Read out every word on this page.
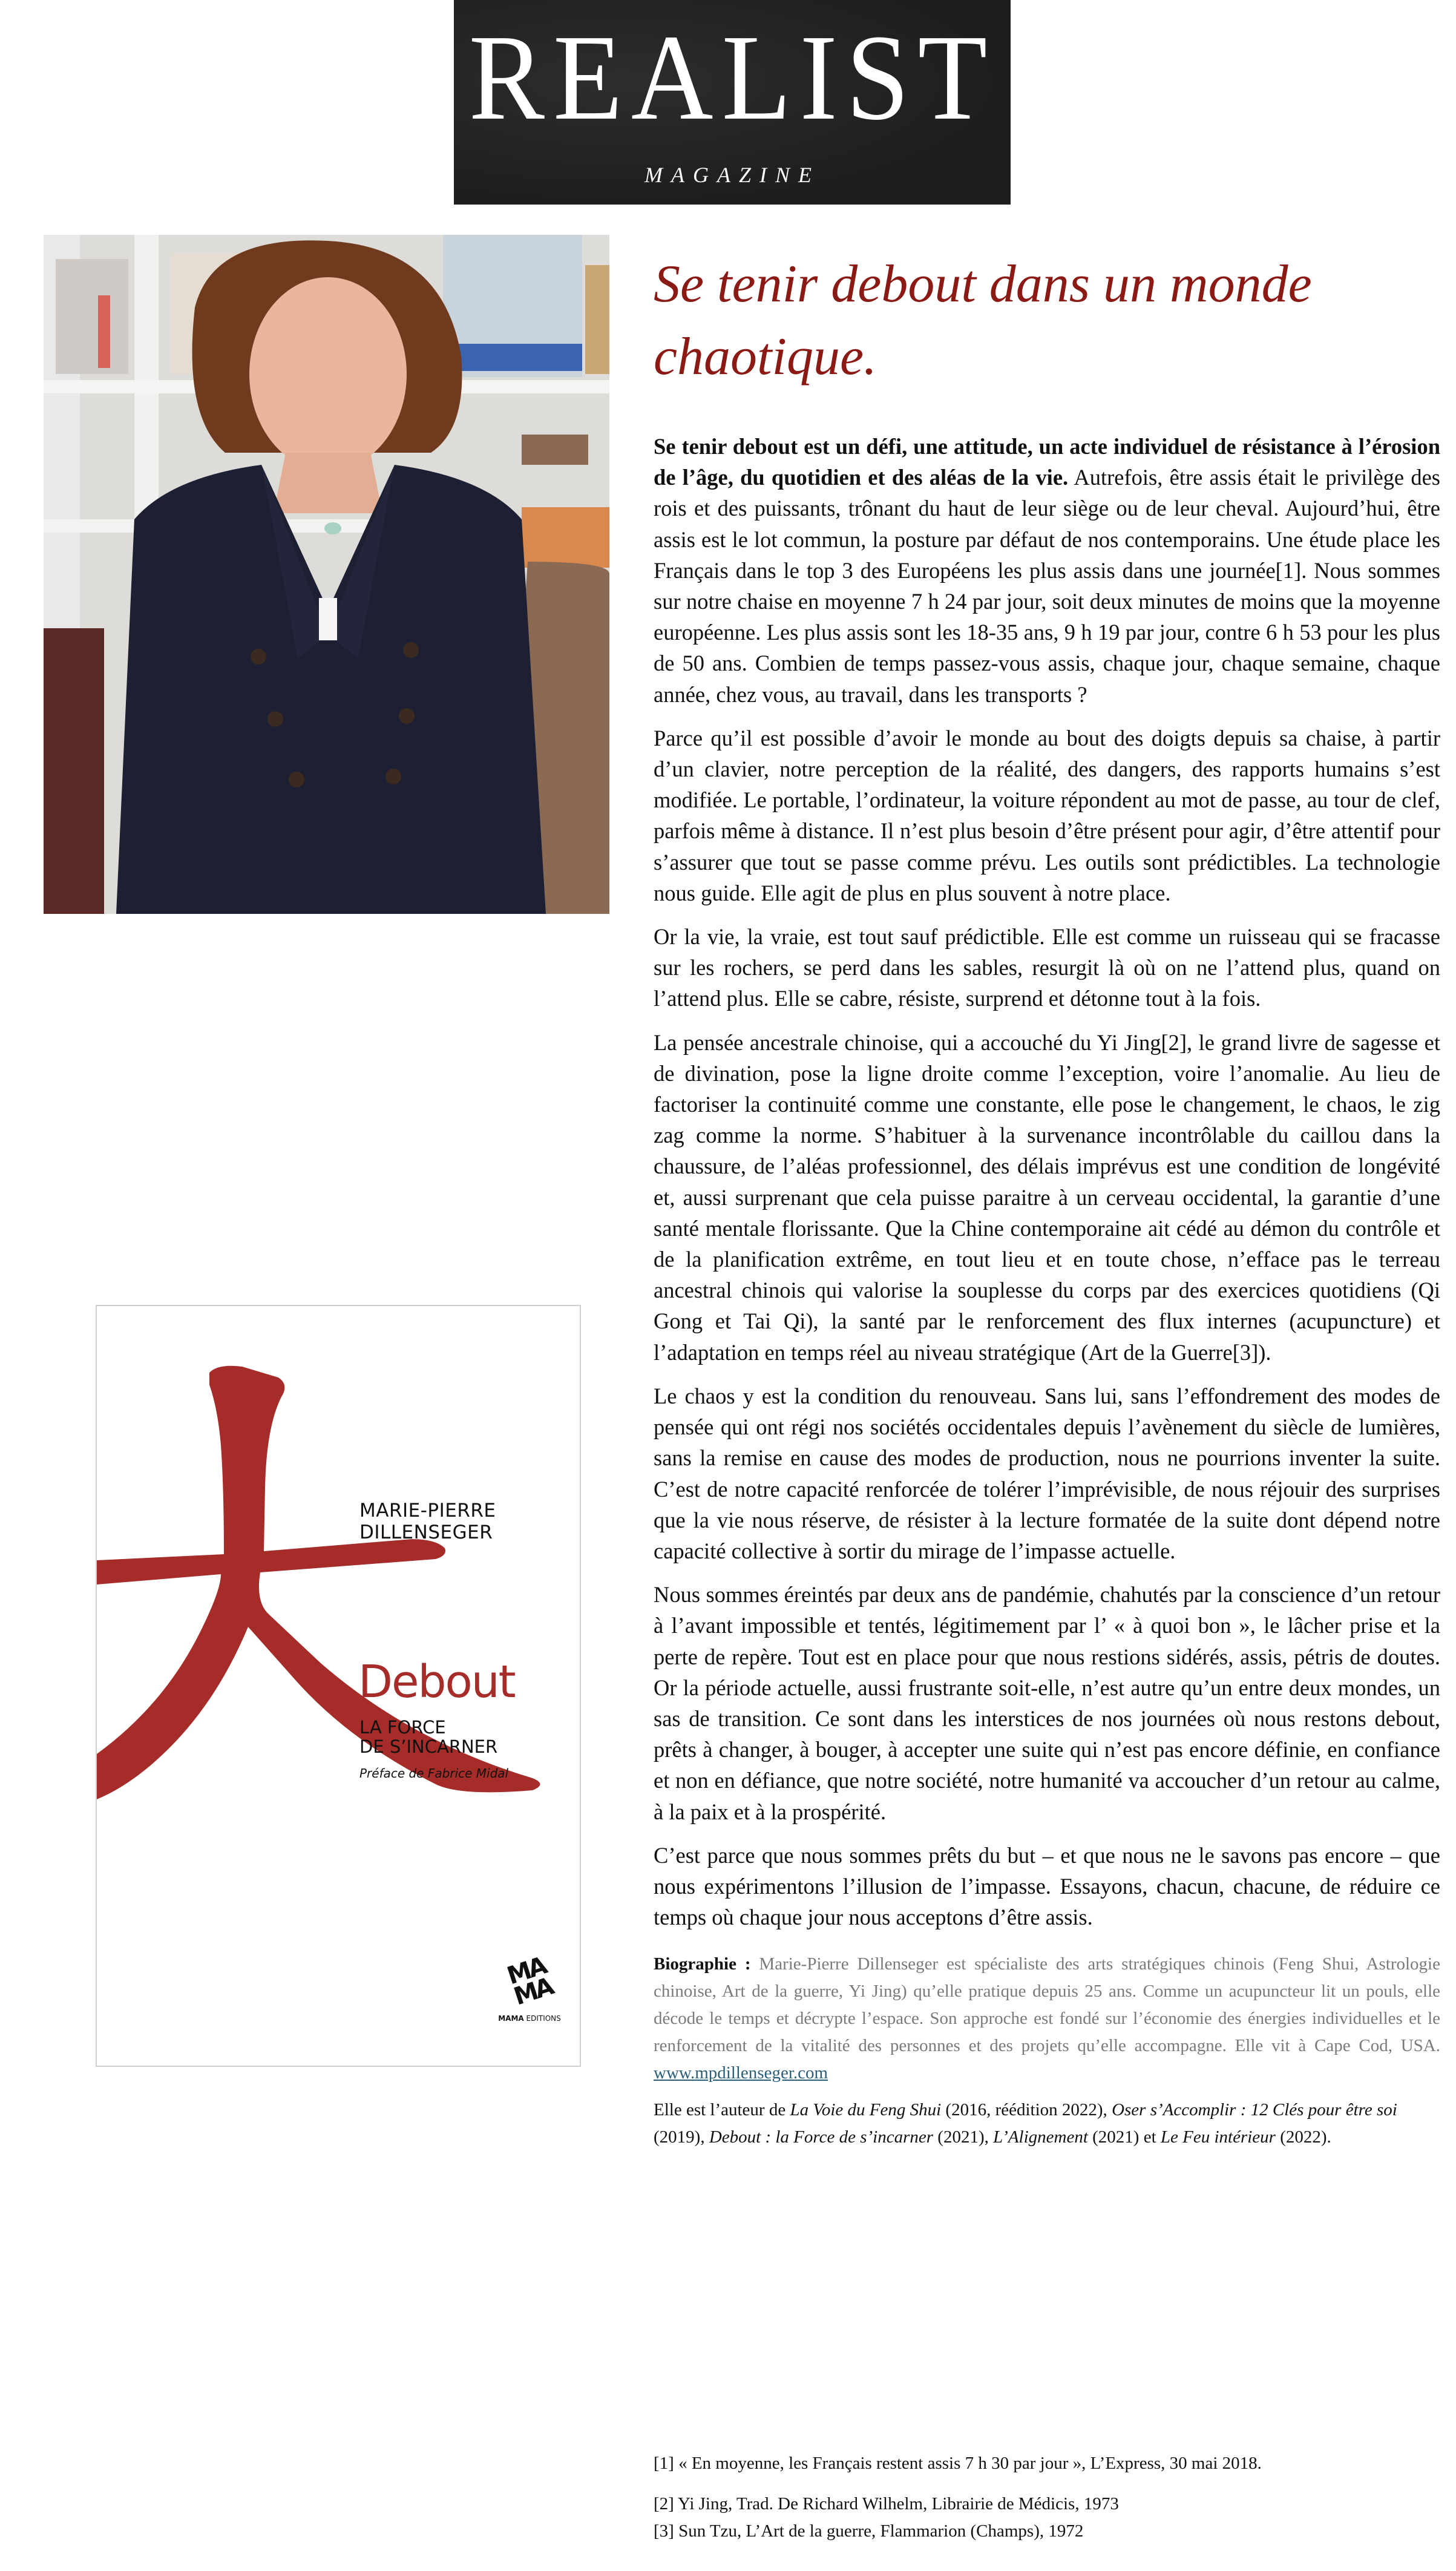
REALIST
MAGAZINE
MARIE-PIERRE
DILLENSEGER
Debout
LA FORCE
DE S’INCARNER
Préface de Fabrice Midal
MA MA
MAMA EDITIONS
Se tenir debout dans un monde chaotique.

Se tenir debout est un défi, une attitude, un acte individuel de résistance à l’érosion de l’âge, du quotidien et des aléas de la vie. Autrefois, être assis était le privilège des rois et des puissants, trônant du haut de leur siège ou de leur cheval. Aujourd’hui, être assis est le lot commun, la posture par défaut de nos contemporains. Une étude place les Français dans le top 3 des Européens les plus assis dans une journée[1]. Nous sommes sur notre chaise en moyenne 7 h 24 par jour, soit deux minutes de moins que la moyenne européenne. Les plus assis sont les 18-35 ans, 9 h 19 par jour, contre 6 h 53 pour les plus de 50 ans. Combien de temps passez-vous assis, chaque jour, chaque semaine, chaque année, chez vous, au travail, dans les transports ?

Parce qu’il est possible d’avoir le monde au bout des doigts depuis sa chaise, à partir d’un clavier, notre perception de la réalité, des dangers, des rapports humains s’est modifiée. Le portable, l’ordinateur, la voiture répondent au mot de passe, au tour de clef, parfois même à distance. Il n’est plus besoin d’être présent pour agir, d’être attentif pour s’assurer que tout se passe comme prévu. Les outils sont prédictibles. La technologie nous guide. Elle agit de plus en plus souvent à notre place.

Or la vie, la vraie, est tout sauf prédictible. Elle est comme un ruisseau qui se fracasse sur les rochers, se perd dans les sables, resurgit là où on ne l’attend plus, quand on l’attend plus. Elle se cabre, résiste, surprend et détonne tout à la fois.

La pensée ancestrale chinoise, qui a accouché du Yi Jing[2], le grand livre de sagesse et de divination, pose la ligne droite comme l’exception, voire l’anomalie. Au lieu de factoriser la continuité comme une constante, elle pose le changement, le chaos, le zig zag comme la norme. S’habituer à la survenance incontrôlable du caillou dans la chaussure, de l’aléas professionnel, des délais imprévus est une condition de longévité et, aussi surprenant que cela puisse paraitre à un cerveau occidental, la garantie d’une santé mentale florissante. Que la Chine contemporaine ait cédé au démon du contrôle et de la planification extrême, en tout lieu et en toute chose, n’efface pas le terreau ancestral chinois qui valorise la souplesse du corps par des exercices quotidiens (Qi Gong et Tai Qi), la santé par le renforcement des flux internes (acupuncture) et l’adaptation en temps réel au niveau stratégique (Art de la Guerre[3]).

Le chaos y est la condition du renouveau. Sans lui, sans l’effondrement des modes de pensée qui ont régi nos sociétés occidentales depuis l’avènement du siècle de lumières, sans la remise en cause des modes de production, nous ne pourrions inventer la suite. C’est de notre capacité renforcée de tolérer l’imprévisible, de nous réjouir des surprises que la vie nous réserve, de résister à la lecture formatée de la suite dont dépend notre capacité collective à sortir du mirage de l’impasse actuelle.

Nous sommes éreintés par deux ans de pandémie, chahutés par la conscience d’un retour à l’avant impossible et tentés, légitimement par l’ « à quoi bon », le lâcher prise et la perte de repère. Tout est en place pour que nous restions sidérés, assis, pétris de doutes. Or la période actuelle, aussi frustrante soit-elle, n’est autre qu’un entre deux mondes, un sas de transition. Ce sont dans les interstices de nos journées où nous restons debout, prêts à changer, à bouger, à accepter une suite qui n’est pas encore définie, en confiance et non en défiance, que notre société, notre humanité va accoucher d’un retour au calme, à la paix et à la prospérité.

C’est parce que nous sommes prêts du but – et que nous ne le savons pas encore – que nous expérimentons l’illusion de l’impasse. Essayons, chacun, chacune, de réduire ce temps où chaque jour nous acceptons d’être assis.

Biographie : Marie-Pierre Dillenseger est spécialiste des arts stratégiques chinois (Feng Shui, Astrologie chinoise, Art de la guerre, Yi Jing) qu’elle pratique depuis 25 ans. Comme un acupuncteur lit un pouls, elle décode le temps et décrypte l’espace. Son approche est fondé sur l’économie des énergies individuelles et le renforcement de la vitalité des personnes et des projets qu’elle accompagne. Elle vit à Cape Cod, USA. www.mpdillenseger.com

Elle est l’auteur de La Voie du Feng Shui (2016, réédition 2022), Oser s’Accomplir : 12 Clés pour être soi (2019), Debout : la Force de s’incarner (2021), L’Alignement (2021) et Le Feu intérieur (2022).

[1] « En moyenne, les Français restent assis 7 h 30 par jour », L’Express, 30 mai 2018.

[2] Yi Jing, Trad. De Richard Wilhelm, Librairie de Médicis, 1973

[3] Sun Tzu, L’Art de la guerre, Flammarion (Champs), 1972
